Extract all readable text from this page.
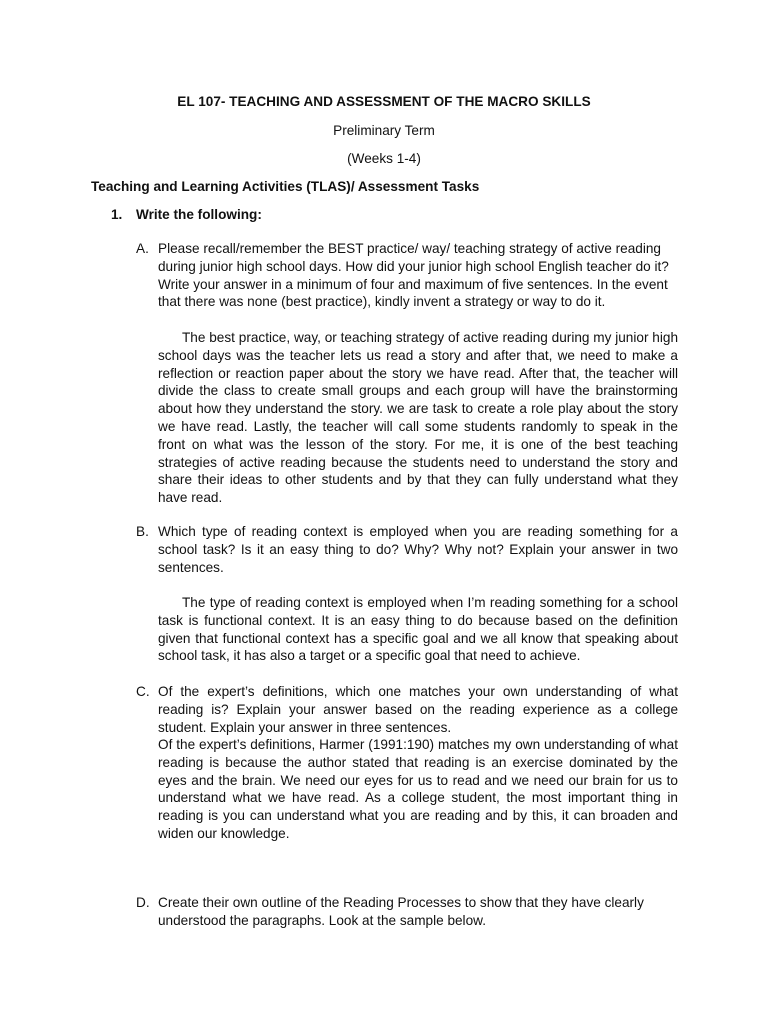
EL 107- TEACHING AND ASSESSMENT OF THE MACRO SKILLS
Preliminary Term
(Weeks 1-4)
Teaching and Learning Activities (TLAS)/ Assessment Tasks
1. Write the following:
A. Please recall/remember the BEST practice/ way/ teaching strategy of active reading during junior high school days. How did your junior high school English teacher do it? Write your answer in a minimum of four and maximum of five sentences. In the event that there was none (best practice), kindly invent a strategy or way to do it.

The best practice, way, or teaching strategy of active reading during my junior high school days was the teacher lets us read a story and after that, we need to make a reflection or reaction paper about the story we have read. After that, the teacher will divide the class to create small groups and each group will have the brainstorming about how they understand the story. we are task to create a role play about the story we have read. Lastly, the teacher will call some students randomly to speak in the front on what was the lesson of the story. For me, it is one of the best teaching strategies of active reading because the students need to understand the story and share their ideas to other students and by that they can fully understand what they have read.

B. Which type of reading context is employed when you are reading something for a school task? Is it an easy thing to do? Why? Why not? Explain your answer in two sentences.

The type of reading context is employed when I’m reading something for a school task is functional context. It is an easy thing to do because based on the definition given that functional context has a specific goal and we all know that speaking about school task, it has also a target or a specific goal that need to achieve.

C. Of the expert’s definitions, which one matches your own understanding of what reading is? Explain your answer based on the reading experience as a college student. Explain your answer in three sentences.

Of the expert’s definitions, Harmer (1991:190) matches my own understanding of what reading is because the author stated that reading is an exercise dominated by the eyes and the brain. We need our eyes for us to read and we need our brain for us to understand what we have read. As a college student, the most important thing in reading is you can understand what you are reading and by this, it can broaden and widen our knowledge.

D. Create their own outline of the Reading Processes to show that they have clearly understood the paragraphs. Look at the sample below.
